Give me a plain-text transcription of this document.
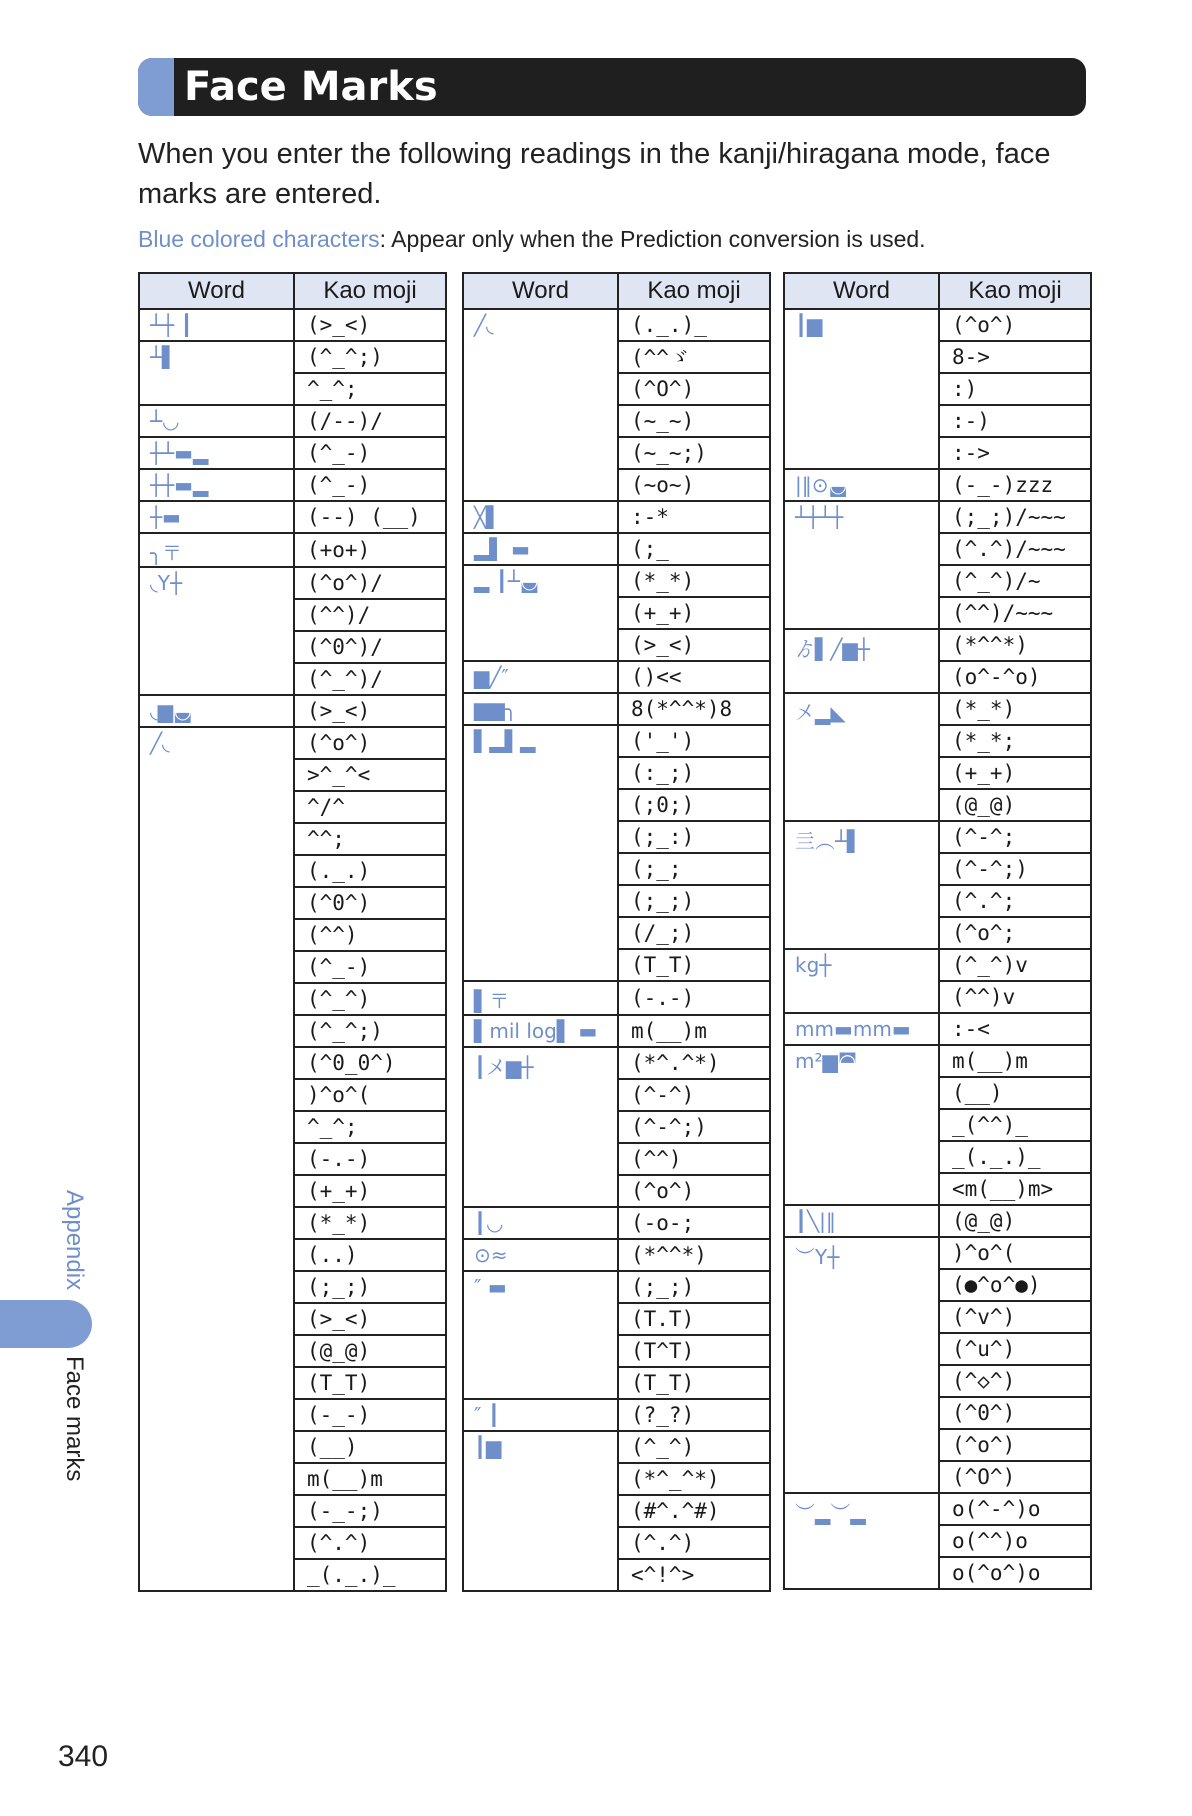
Face Marks
When you enter the following readings in the kanji/hiragana mode, face marks are entered.
Blue colored characters: Appear only when the Prediction conversion is used.
Word	Kao moji
┴┼ ┃	(>_<)
┴▌	(^_^;)
	^_^;
┴◡	(/--)/
┼┴▬▂	(^_-)
┼┼▬▂	(^_-)
┼▬	(--) (__)
╮〒	(+o+)
◟Y┼	(^o^)/
	(^^)/
	(^0^)/
	(^_^)/
◟▆◛	(>_<)
╱◟	(^o^)
	>^_^<
	^/^
	^^;
	(._.)
	(^0^)
	(^^)
	(^_-)
	(^_^)
	(^_^;)
	(^0_0^)
	)^o^(
	^_^;
	(-.-)
	(+_+)
	(*_*)
	(..)
	(;_;)
	(>_<)
	(@_@)
	(T_T)
	(-_-)
	(__)
	m(__)m
	(-_-;)
	(^.^)
	_(._.)_
Word	Kao moji
╱◟	(._.)_
	(^^ゞ
	(^O^)
	(~_~)
	(~_~;)
	(~o~)
╳▌	:-*
▂▌ ▬	(;_
▂ ┃┴◛	(*_*)
	(+_+)
	(>_<)
▆╱″	()<<
▆▆╮	8(*^^*)8
▌▂▌▂	('_')
	(:_;)
	(;0;)
	(;_:)
	(;_;
	(;_;)
	(/_;)
	(T_T)
▌〒	(-.-)
▌mil log▌ ▬	m(__)m
┃メ▆┼	(*^.^*)
	(^-^)
	(^-^;)
	(^^)
	(^o^)
┃◡	(-o-;
⊙≈	(*^^*)
″ ▬	(;_;)
	(T.T)
	(T^T)
	(T_T)
″ ┃	(?_?)
┃▆	(^_^)
	(*^_^*)
	(#^.^#)
	(^.^)
	<^!^>
Word	Kao moji
┃▆	(^o^)
	8->
	:)
	:-)
	:->
|‖⊙◛	(-_-)zzz
┴┼┴┼	(;_;)/~~~
	(^.^)/~~~
	(^_^)/~
	(^^)/~~~
ゟ▌╱▆┼	(*^^*)
	(o^-^o)
㐅▂◣	(*_*)
	(*_*;
	(+_+)
	(@_@)
亖︵┴▌	(^-^;
	(^-^;)
	(^.^;
	(^o^;
kg┼	(^_^)v
	(^^)v
mm▬mm▬	:-<
m²▆◚	m(__)m
	(__)
	_(^^)_
	_(._.)_
	<m(__)m>
┃╲|‖	(@_@)
︶Y┼	)^o^(
	(●^o^●)
	(^v^)
	(^u^)
	(^◇^)
	(^0^)
	(^o^)
	(^O^)
︶▂︶▂	o(^-^)o
	o(^^)o
	o(^o^)o
Appendix
Face marks
340
